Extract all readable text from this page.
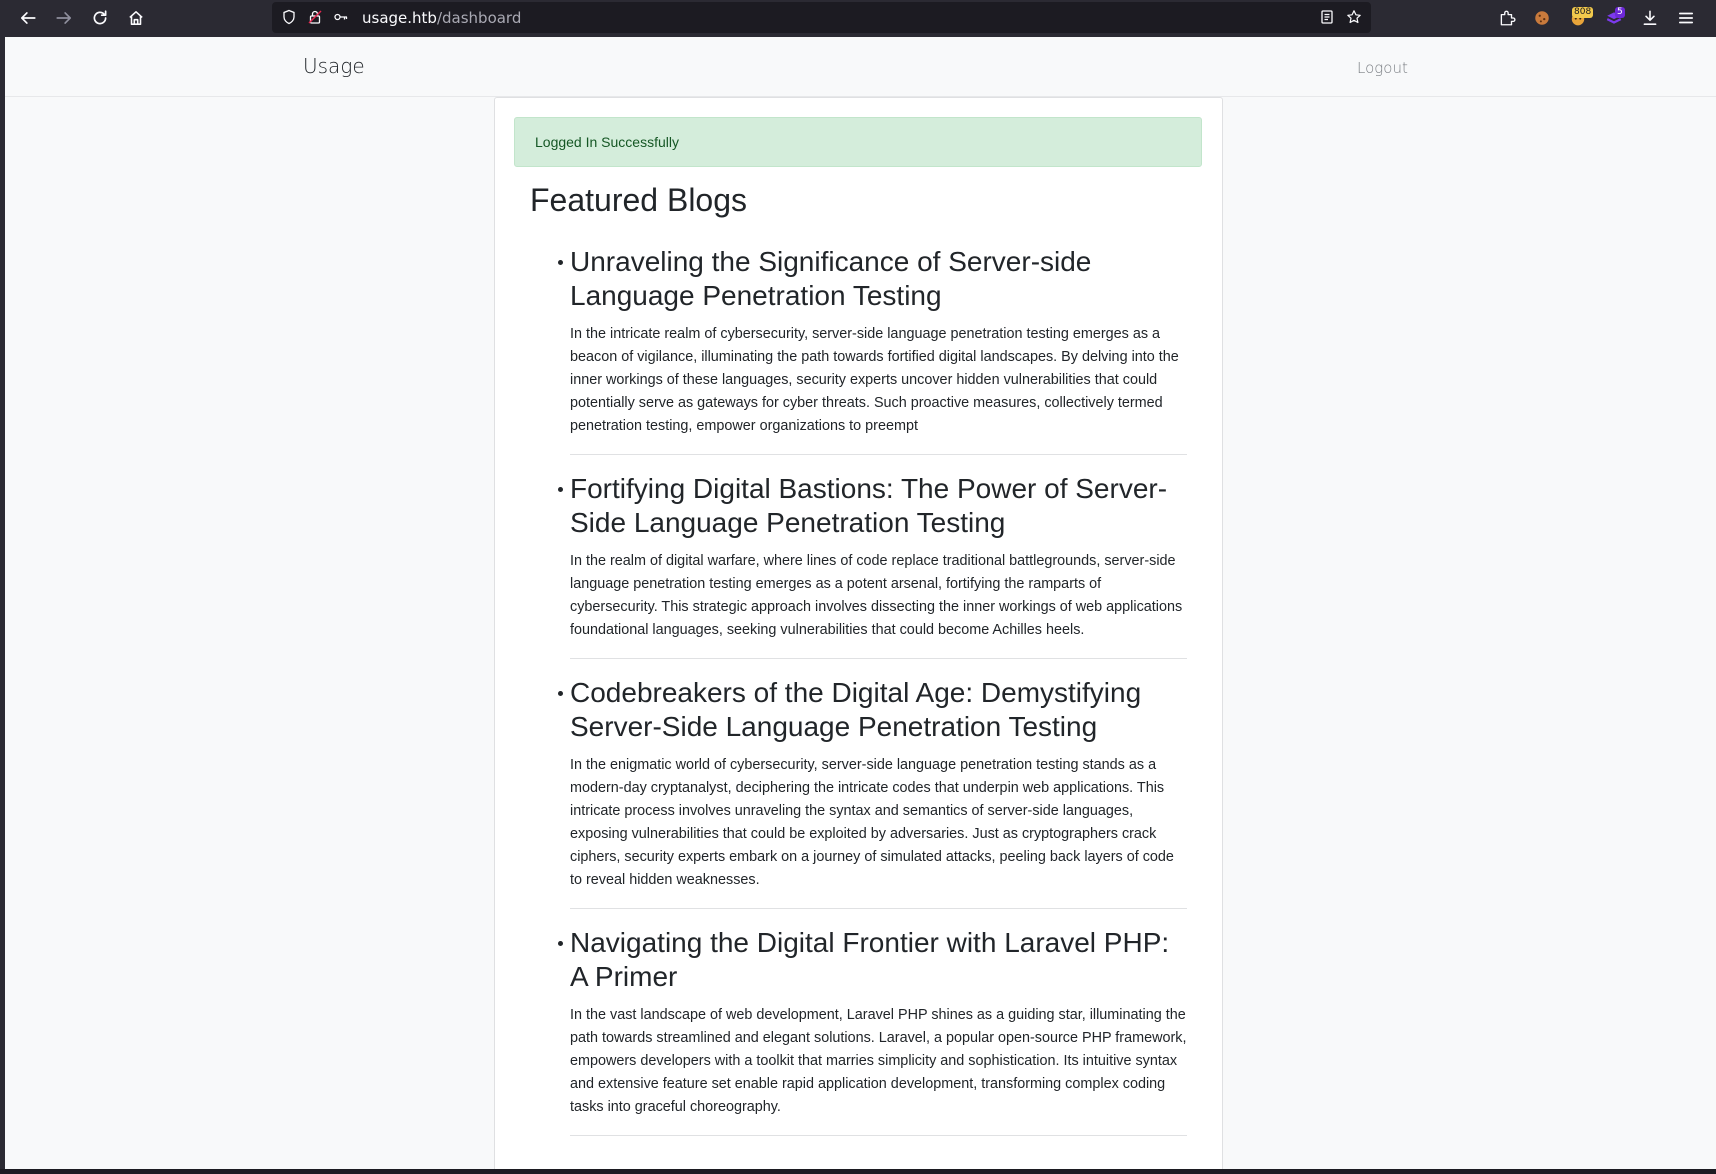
usage.htb/dashboard	808	5
Usage	Logout
Logged In Successfully
Featured Blogs
Unraveling the Significance of Server-side Language Penetration Testing

In the intricate realm of cybersecurity, server-side language penetration testing emerges as a beacon of vigilance, illuminating the path towards fortified digital landscapes. By delving into the inner workings of these languages, security experts uncover hidden vulnerabilities that could potentially serve as gateways for cyber threats. Such proactive measures, collectively termed penetration testing, empower organizations to preempt

Fortifying Digital Bastions: The Power of Server-Side Language Penetration Testing

In the realm of digital warfare, where lines of code replace traditional battlegrounds, server-side language penetration testing emerges as a potent arsenal, fortifying the ramparts of cybersecurity. This strategic approach involves dissecting the inner workings of web applications foundational languages, seeking vulnerabilities that could become Achilles heels.

Codebreakers of the Digital Age: Demystifying Server-Side Language Penetration Testing

In the enigmatic world of cybersecurity, server-side language penetration testing stands as a modern-day cryptanalyst, deciphering the intricate codes that underpin web applications. This intricate process involves unraveling the syntax and semantics of server-side languages, exposing vulnerabilities that could be exploited by adversaries. Just as cryptographers crack ciphers, security experts embark on a journey of simulated attacks, peeling back layers of code to reveal hidden weaknesses.

Navigating the Digital Frontier with Laravel PHP: A Primer

In the vast landscape of web development, Laravel PHP shines as a guiding star, illuminating the path towards streamlined and elegant solutions. Laravel, a popular open-source PHP framework, empowers developers with a toolkit that marries simplicity and sophistication. Its intuitive syntax and extensive feature set enable rapid application development, transforming complex coding tasks into graceful choreography.
